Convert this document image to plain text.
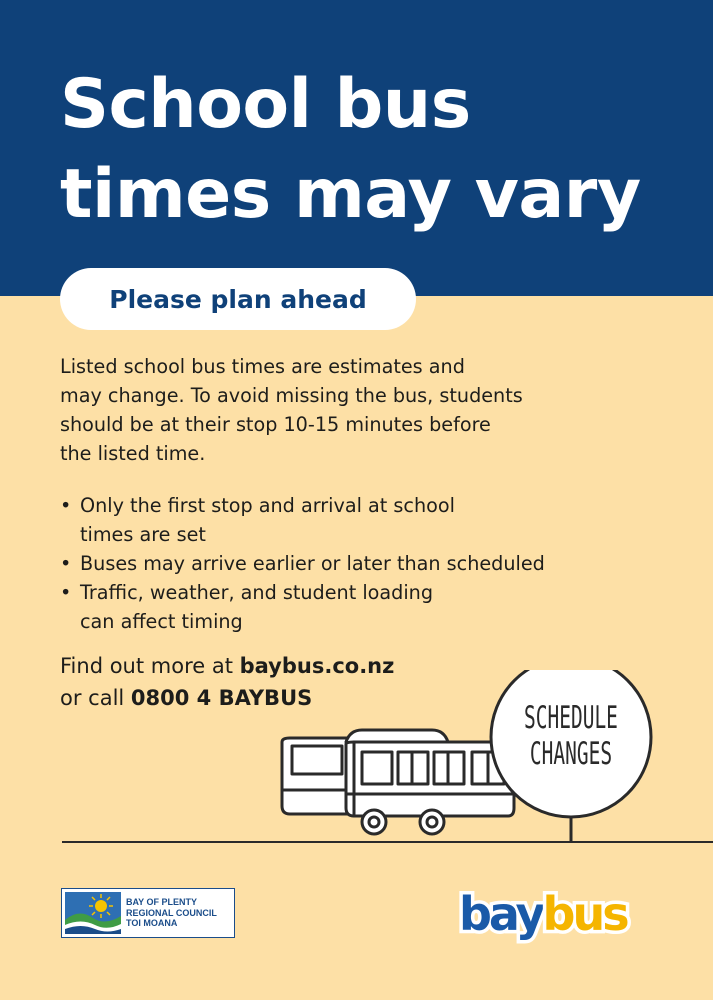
School bus
times may vary
Please plan ahead
Listed school bus times are estimates and
may change. To avoid missing the bus, students
should be at their stop 10-15 minutes before
the listed time.
• Only the first stop and arrival at school
times are set
• Buses may arrive earlier or later than scheduled
• Traffic, weather, and student loading
can affect timing
Find out more at baybus.co.nz
or call 0800 4 BAYBUS
SCHEDULE
CHANGES
BAY OF PLENTY
REGIONAL COUNCIL
TOI MOANA	baybus
